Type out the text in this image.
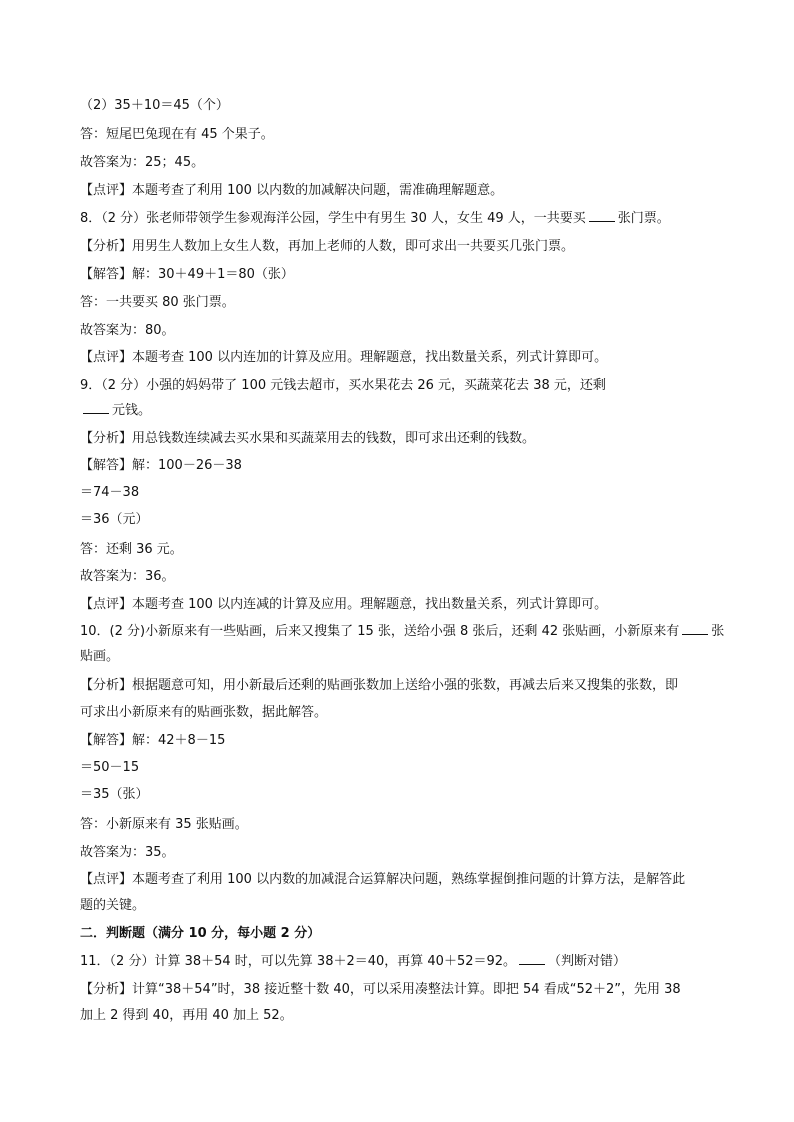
（2）35＋10＝45（个）
答：短尾巴兔现在有 45 个果子。
故答案为：25；45。
【点评】本题考查了利用 100 以内数的加减解决问题，需准确理解题意。
8．（2 分）张老师带领学生参观海洋公园，学生中有男生 30 人，女生 49 人，一共要买 张门票。
【分析】用男生人数加上女生人数，再加上老师的人数，即可求出一共要买几张门票。
【解答】解：30＋49＋1＝80（张）
答：一共要买 80 张门票。
故答案为：80。
【点评】本题考查 100 以内连加的计算及应用。理解题意，找出数量关系，列式计算即可。
9．（2 分）小强的妈妈带了 100 元钱去超市，买水果花去 26 元，买蔬菜花去 38 元，还剩
元钱。
【分析】用总钱数连续减去买水果和买蔬菜用去的钱数，即可求出还剩的钱数。
【解答】解：100－26－38
＝74－38
＝36（元）
答：还剩 36 元。
故答案为：36。
【点评】本题考查 100 以内连减的计算及应用。理解题意，找出数量关系，列式计算即可。
10．(2 分)小新原来有一些贴画，后来又搜集了 15 张，送给小强 8 张后，还剩 42 张贴画，小新原来有 张
贴画。
【分析】根据题意可知，用小新最后还剩的贴画张数加上送给小强的张数，再减去后来又搜集的张数，即
可求出小新原来有的贴画张数，据此解答。
【解答】解：42＋8－15
＝50－15
＝35（张）
答：小新原来有 35 张贴画。
故答案为：35。
【点评】本题考查了利用 100 以内数的加减混合运算解决问题，熟练掌握倒推问题的计算方法，是解答此
题的关键。
二．判断题（满分 10 分，每小题 2 分）
11．（2 分）计算 38＋54 时，可以先算 38＋2＝40，再算 40＋52＝92。 （判断对错）
【分析】计算“38＋54”时，38 接近整十数 40，可以采用凑整法计算。即把 54 看成“52＋2”，先用 38
加上 2 得到 40，再用 40 加上 52。
